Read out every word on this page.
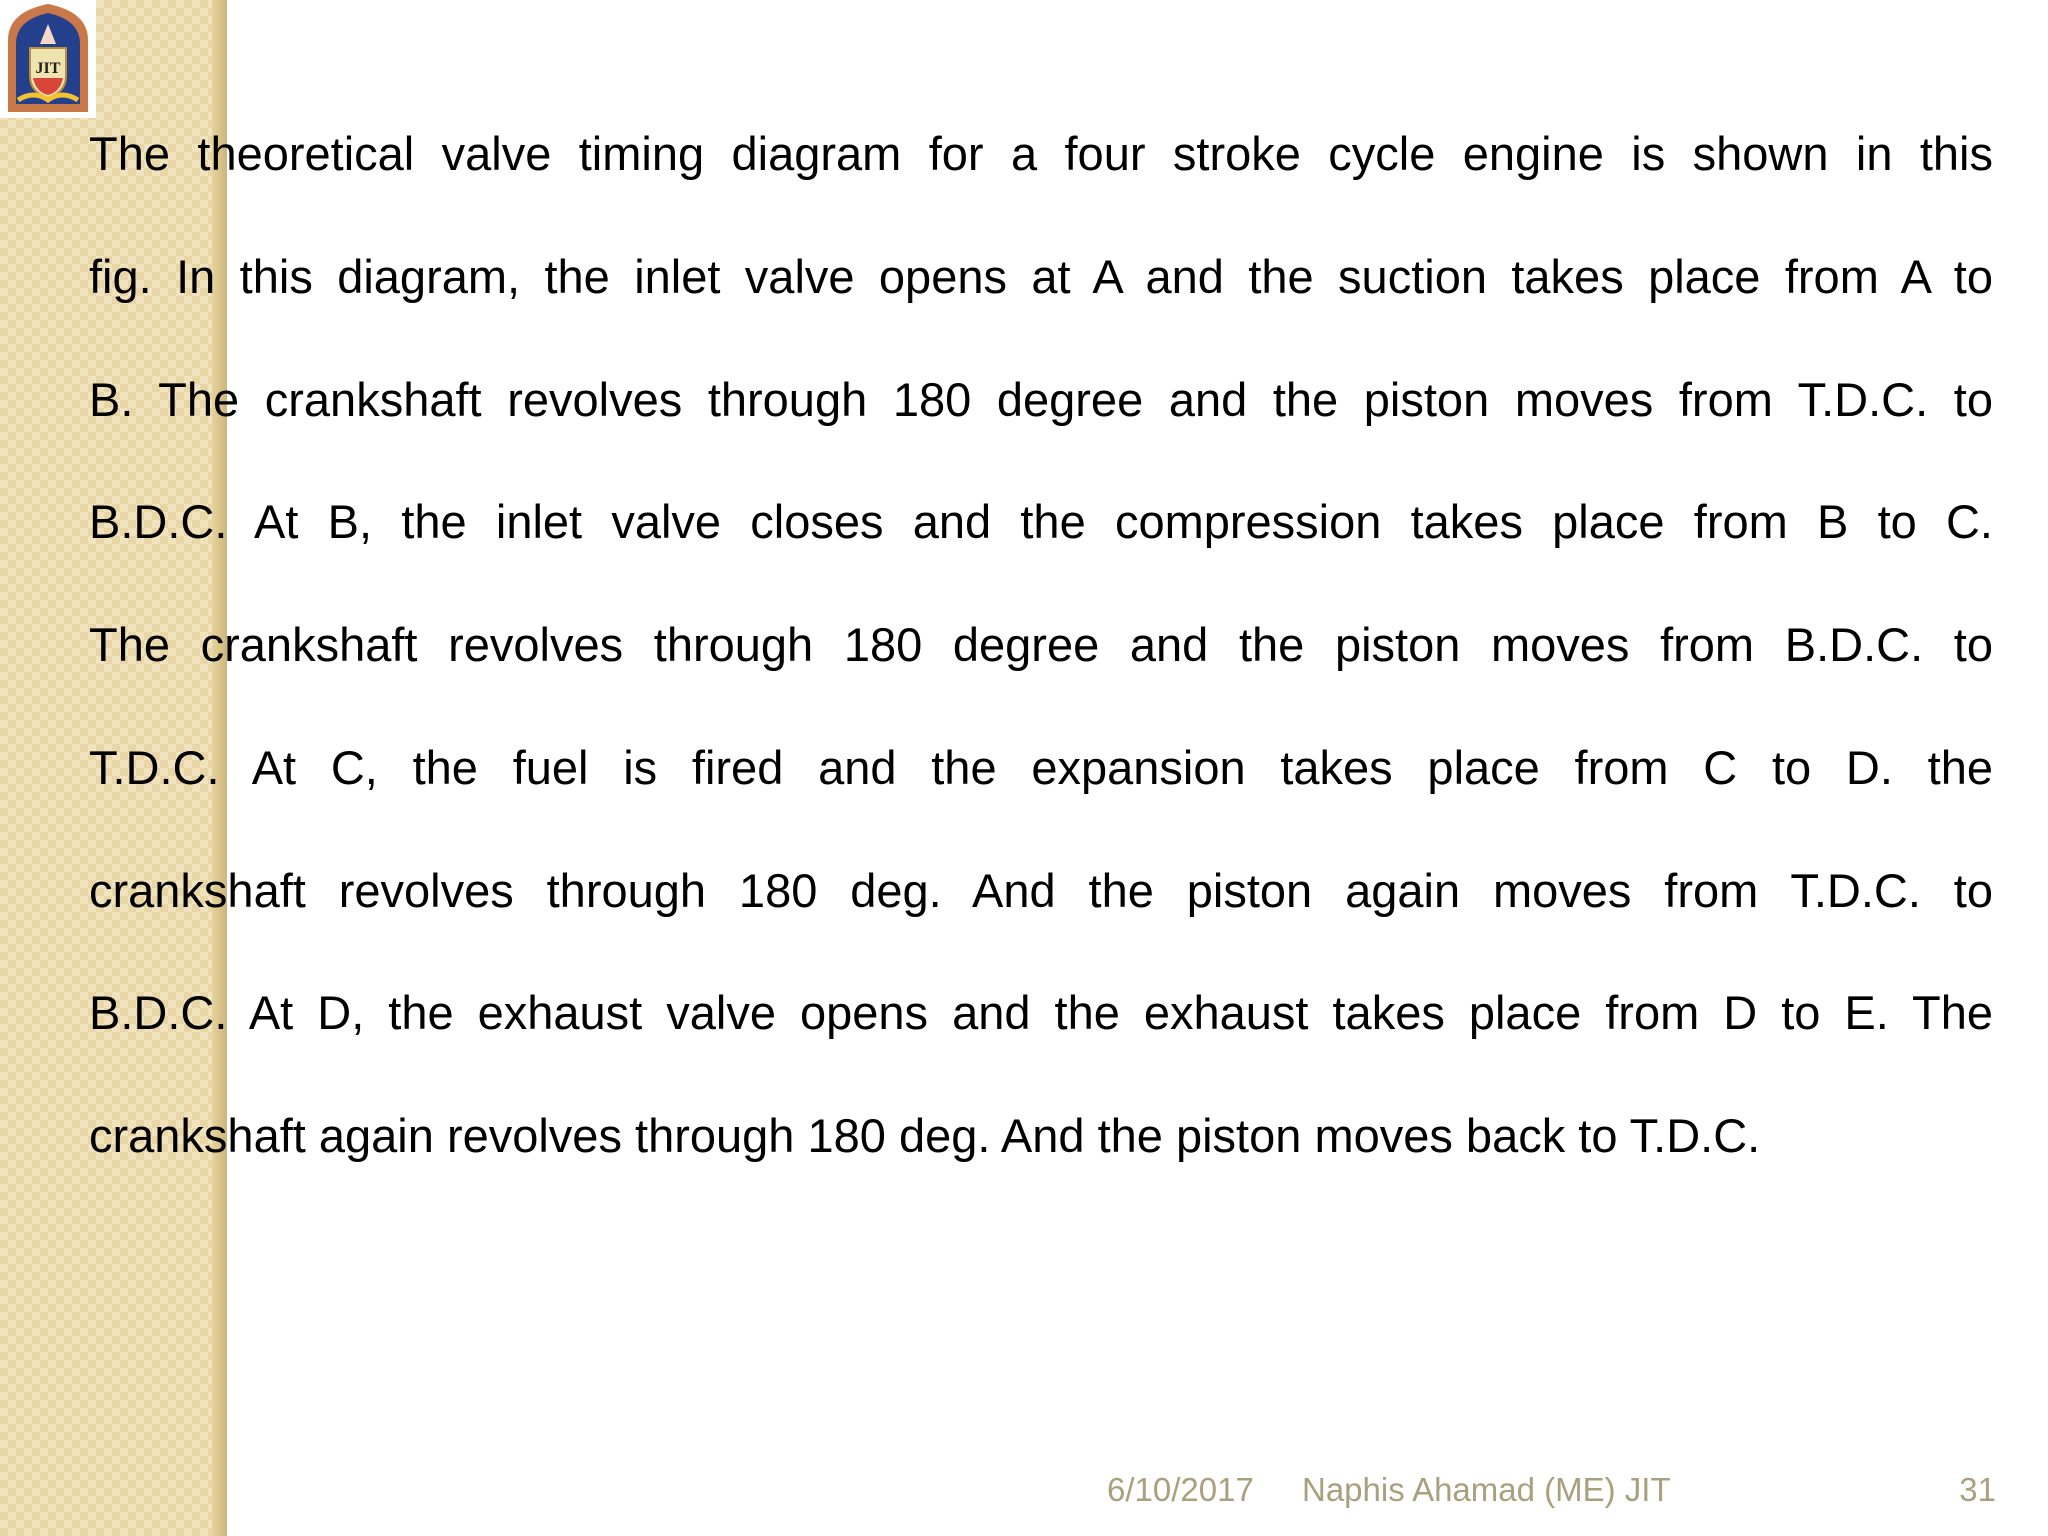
JIT
The theoretical valve timing diagram for a four stroke cycle engine is shown in this
fig. In this diagram, the inlet valve opens at A and the suction takes place from A to
B. The crankshaft revolves through 180 degree and the piston moves from T.D.C. to
B.D.C. At B, the inlet valve closes and the compression takes place from B to C.
The crankshaft revolves through 180 degree and the piston moves from B.D.C. to
T.D.C. At C, the fuel is fired and the expansion takes place from C to D. the
crankshaft revolves through 180 deg. And the piston again moves from T.D.C. to
B.D.C. At D, the exhaust valve opens and the exhaust takes place from D to E. The
crankshaft again revolves through 180 deg. And the piston moves back to T.D.C.
6/10/2017 Naphis Ahamad (ME) JIT	31
